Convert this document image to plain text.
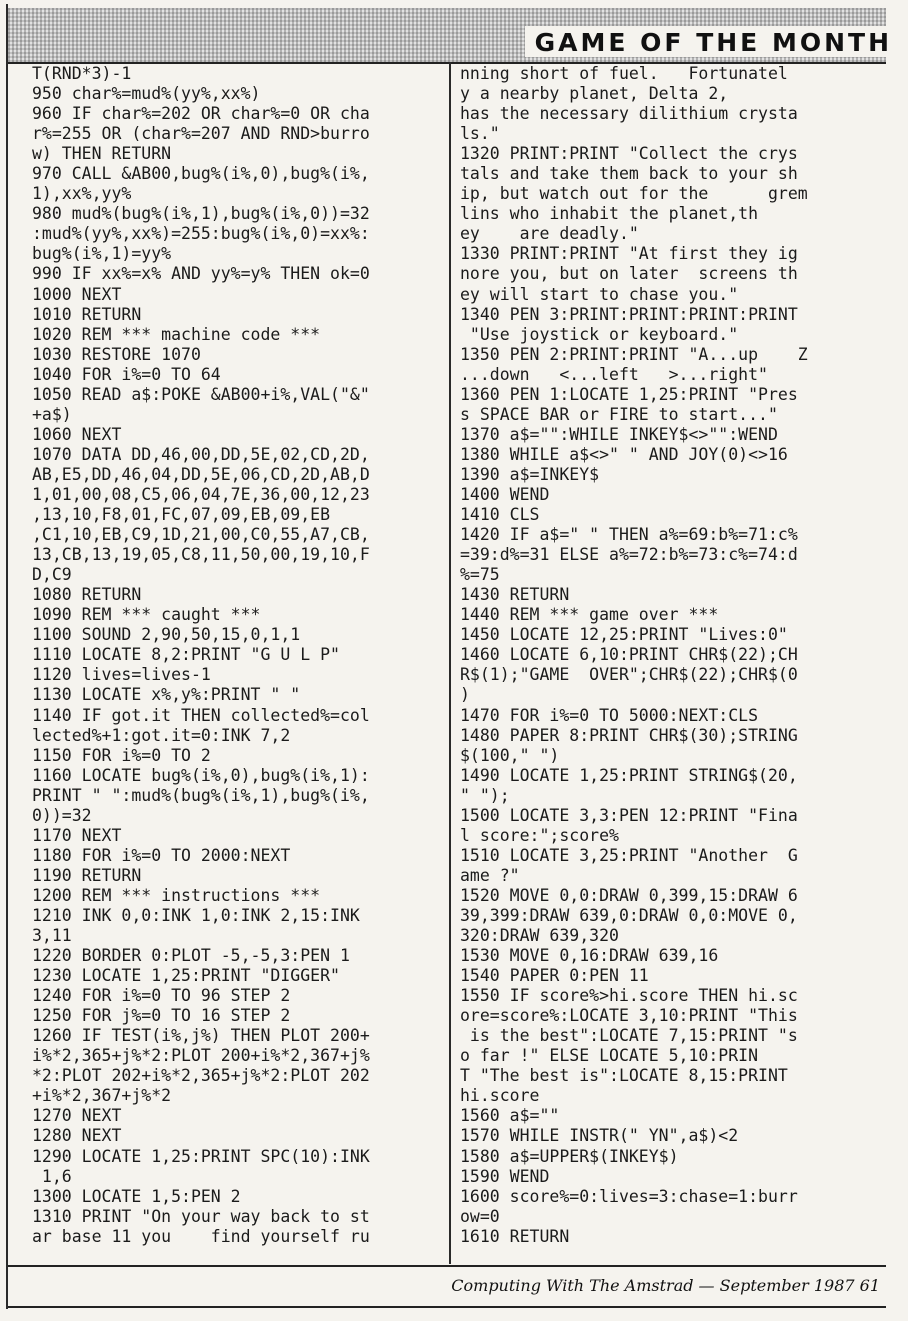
GAME OF THE MONTH
T(RND*3)-1
950 char%=mud%(yy%,xx%)
960 IF char%=202 OR char%=0 OR cha
r%=255 OR (char%=207 AND RND>burro
w) THEN RETURN
970 CALL &AB00,bug%(i%,0),bug%(i%,
1),xx%,yy%
980 mud%(bug%(i%,1),bug%(i%,0))=32
:mud%(yy%,xx%)=255:bug%(i%,0)=xx%:
bug%(i%,1)=yy%
990 IF xx%=x% AND yy%=y% THEN ok=0
1000 NEXT
1010 RETURN
1020 REM *** machine code ***
1030 RESTORE 1070
1040 FOR i%=0 TO 64
1050 READ a$:POKE &AB00+i%,VAL("&"
+a$)
1060 NEXT
1070 DATA DD,46,00,DD,5E,02,CD,2D,
AB,E5,DD,46,04,DD,5E,06,CD,2D,AB,D
1,01,00,08,C5,06,04,7E,36,00,12,23
,13,10,F8,01,FC,07,09,EB,09,EB
,C1,10,EB,C9,1D,21,00,C0,55,A7,CB,
13,CB,13,19,05,C8,11,50,00,19,10,F
D,C9
1080 RETURN
1090 REM *** caught ***
1100 SOUND 2,90,50,15,0,1,1
1110 LOCATE 8,2:PRINT "G U L P"
1120 lives=lives-1
1130 LOCATE x%,y%:PRINT " "
1140 IF got.it THEN collected%=col
lected%+1:got.it=0:INK 7,2
1150 FOR i%=0 TO 2
1160 LOCATE bug%(i%,0),bug%(i%,1):
PRINT " ":mud%(bug%(i%,1),bug%(i%,
0))=32
1170 NEXT
1180 FOR i%=0 TO 2000:NEXT
1190 RETURN
1200 REM *** instructions ***
1210 INK 0,0:INK 1,0:INK 2,15:INK
3,11
1220 BORDER 0:PLOT -5,-5,3:PEN 1
1230 LOCATE 1,25:PRINT "DIGGER"
1240 FOR i%=0 TO 96 STEP 2
1250 FOR j%=0 TO 16 STEP 2
1260 IF TEST(i%,j%) THEN PLOT 200+
i%*2,365+j%*2:PLOT 200+i%*2,367+j%
*2:PLOT 202+i%*2,365+j%*2:PLOT 202
+i%*2,367+j%*2
1270 NEXT
1280 NEXT
1290 LOCATE 1,25:PRINT SPC(10):INK
1,6
1300 LOCATE 1,5:PEN 2
1310 PRINT "On your way back to st
ar base 11 you    find yourself ru
nning short of fuel.   Fortunatel
y a nearby planet, Delta 2,
has the necessary dilithium crysta
ls."
1320 PRINT:PRINT "Collect the crys
tals and take them back to your sh
ip, but watch out for the      grem
lins who inhabit the planet,th
ey    are deadly."
1330 PRINT:PRINT "At first they ig
nore you, but on later  screens th
ey will start to chase you."
1340 PEN 3:PRINT:PRINT:PRINT:PRINT
"Use joystick or keyboard."
1350 PEN 2:PRINT:PRINT "A...up    Z
...down   <...left   >...right"
1360 PEN 1:LOCATE 1,25:PRINT "Pres
s SPACE BAR or FIRE to start..."
1370 a$="":WHILE INKEY$<>"":WEND
1380 WHILE a$<>" " AND JOY(0)<>16
1390 a$=INKEY$
1400 WEND
1410 CLS
1420 IF a$=" " THEN a%=69:b%=71:c%
=39:d%=31 ELSE a%=72:b%=73:c%=74:d
%=75
1430 RETURN
1440 REM *** game over ***
1450 LOCATE 12,25:PRINT "Lives:0"
1460 LOCATE 6,10:PRINT CHR$(22);CH
R$(1);"GAME  OVER";CHR$(22);CHR$(0
)
1470 FOR i%=0 TO 5000:NEXT:CLS
1480 PAPER 8:PRINT CHR$(30);STRING
$(100," ")
1490 LOCATE 1,25:PRINT STRING$(20,
" ");
1500 LOCATE 3,3:PEN 12:PRINT "Fina
l score:";score%
1510 LOCATE 3,25:PRINT "Another  G
ame ?"
1520 MOVE 0,0:DRAW 0,399,15:DRAW 6
39,399:DRAW 639,0:DRAW 0,0:MOVE 0,
320:DRAW 639,320
1530 MOVE 0,16:DRAW 639,16
1540 PAPER 0:PEN 11
1550 IF score%>hi.score THEN hi.sc
ore=score%:LOCATE 3,10:PRINT "This
is the best":LOCATE 7,15:PRINT "s
o far !" ELSE LOCATE 5,10:PRIN
T "The best is":LOCATE 8,15:PRINT
hi.score
1560 a$=""
1570 WHILE INSTR(" YN",a$)<2
1580 a$=UPPER$(INKEY$)
1590 WEND
1600 score%=0:lives=3:chase=1:burr
ow=0
1610 RETURN
Computing With The Amstrad — September 1987 61
